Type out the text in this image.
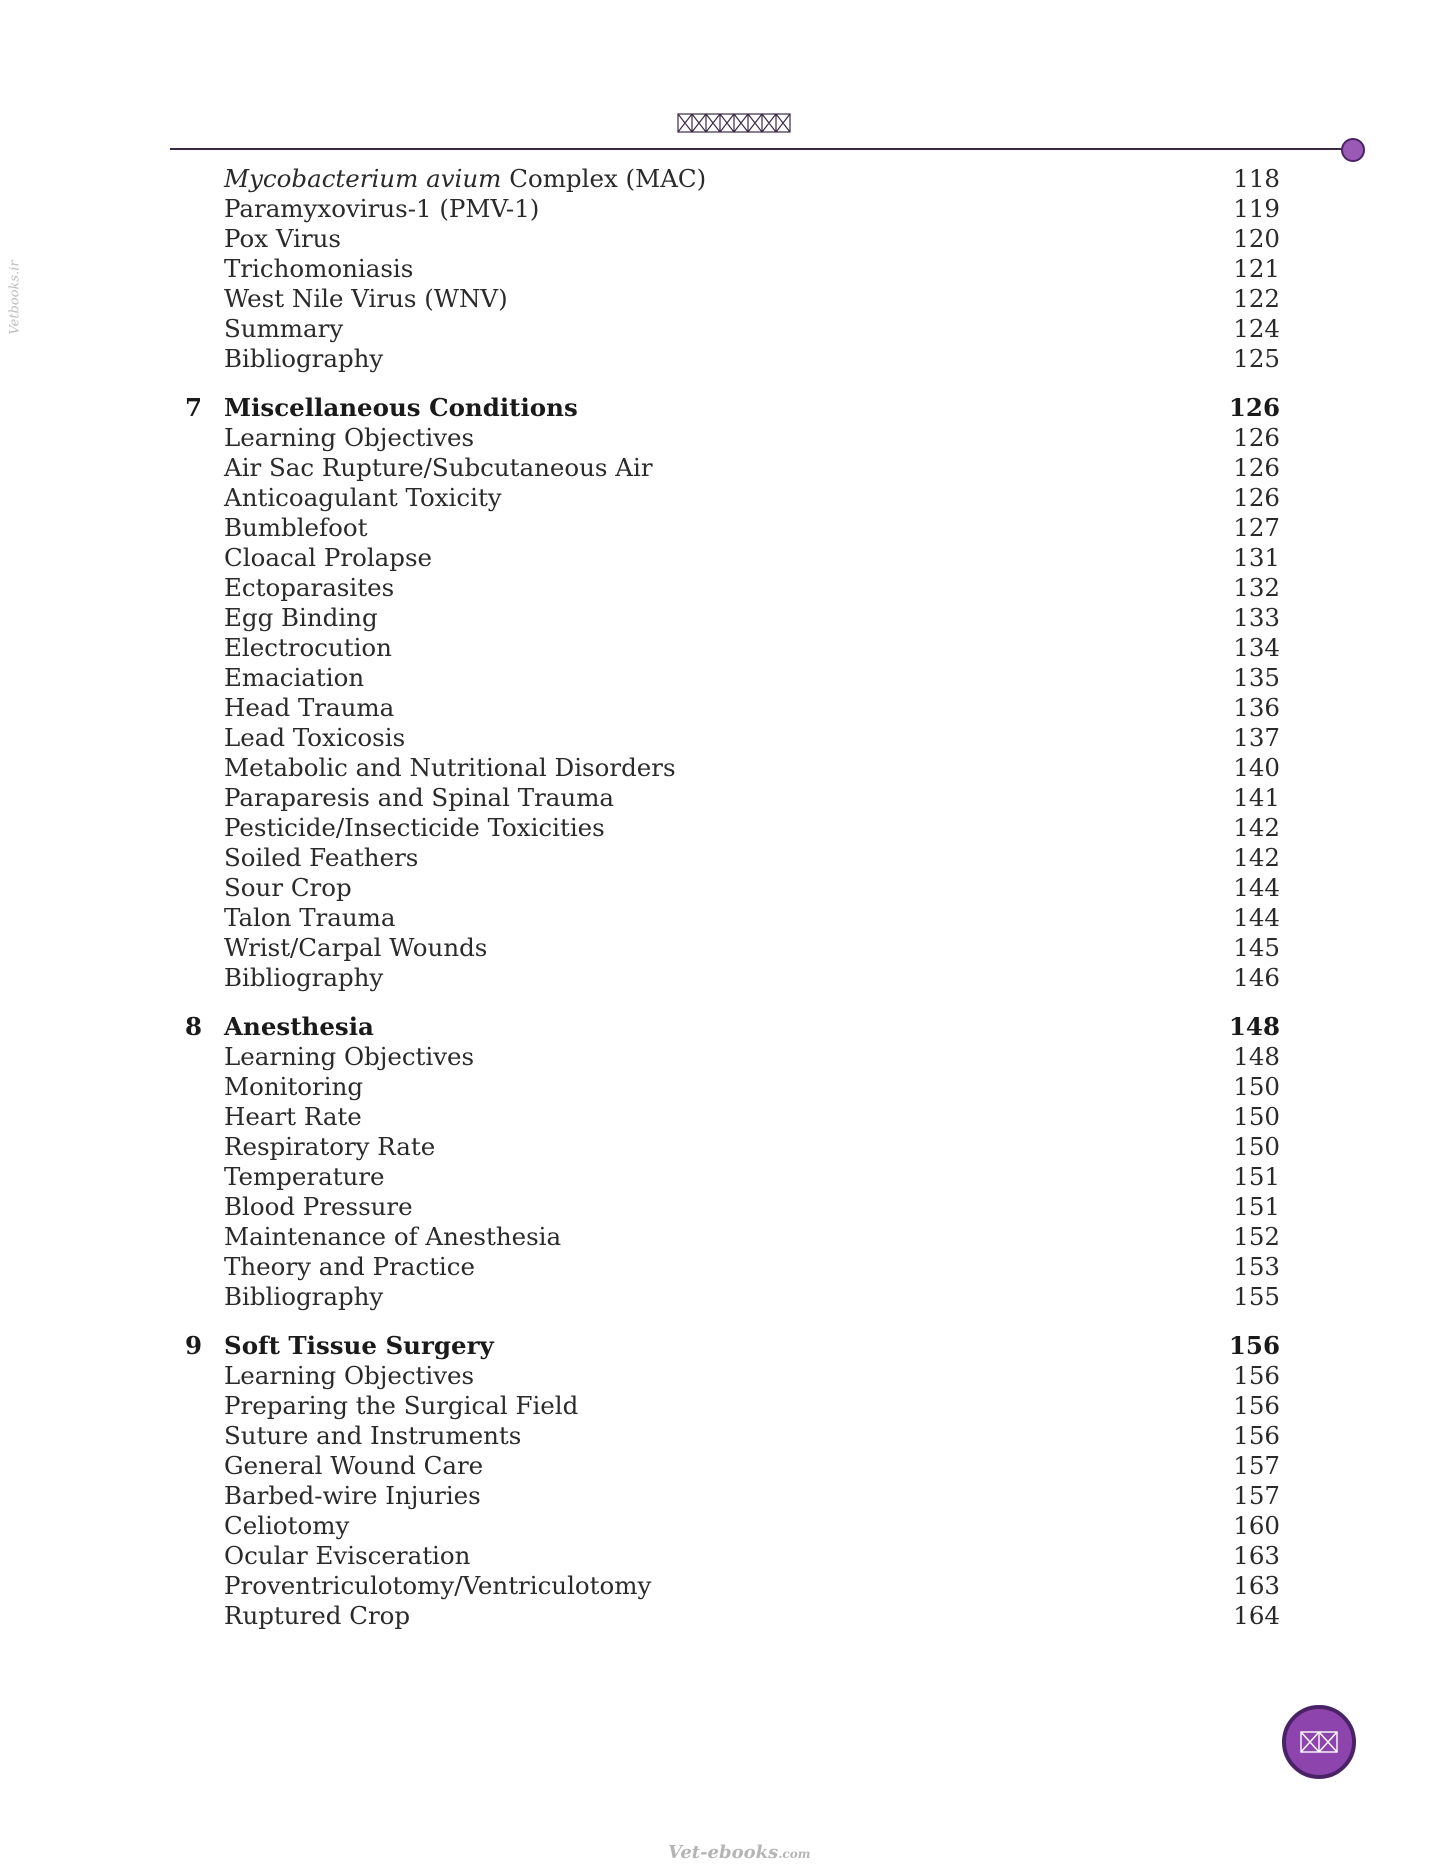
Vetbooks.ir
Mycobacterium avium Complex (MAC)	118
Paramyxovirus-1 (PMV-1)	119
Pox Virus	120
Trichomoniasis	121
West Nile Virus (WNV)	122
Summary	124
Bibliography	125
7 Miscellaneous Conditions	126
Learning Objectives	126
Air Sac Rupture/Subcutaneous Air	126
Anticoagulant Toxicity	126
Bumblefoot	127
Cloacal Prolapse	131
Ectoparasites	132
Egg Binding	133
Electrocution	134
Emaciation	135
Head Trauma	136
Lead Toxicosis	137
Metabolic and Nutritional Disorders	140
Paraparesis and Spinal Trauma	141
Pesticide/Insecticide Toxicities	142
Soiled Feathers	142
Sour Crop	144
Talon Trauma	144
Wrist/Carpal Wounds	145
Bibliography	146
8 Anesthesia	148
Learning Objectives	148
Monitoring	150
Heart Rate	150
Respiratory Rate	150
Temperature	151
Blood Pressure	151
Maintenance of Anesthesia	152
Theory and Practice	153
Bibliography	155
9 Soft Tissue Surgery	156
Learning Objectives	156
Preparing the Surgical Field	156
Suture and Instruments	156
General Wound Care	157
Barbed-wire Injuries	157
Celiotomy	160
Ocular Evisceration	163
Proventriculotomy/Ventriculotomy	163
Ruptured Crop	164
Vet-ebooks.com
